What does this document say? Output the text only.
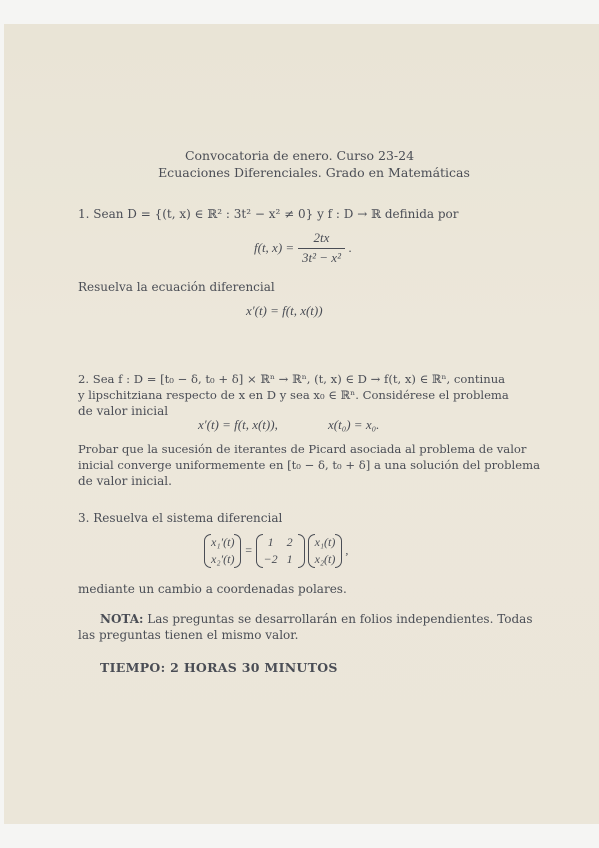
Convocatoria de enero. Curso 23-24
Ecuaciones Diferenciales. Grado en Matemáticas
1. Sean D = {(t, x) ∈ ℝ² : 3t² − x² ≠ 0} y f : D → ℝ definida por
f(t, $x) = \frac{2tx}{\text{3t² − x²}}$ .
Resuelva la ecuación diferencial
x′(t) = f(t, x(t))
2. Sea f : D = [t₀ − δ, t₀ + δ] × ℝⁿ → ℝⁿ, (t, x) ∈ D → f(t, x) ∈ ℝⁿ, continua
y lipschitziana respecto de x en D y sea x₀ ∈ ℝⁿ. Considérese el problema
de valor inicial
x′(t) = f(t, x(t)),	x(t₀) = x₀.
Probar que la sucesión de iterantes de Picard asociada al problema de valor
inicial converge uniformemente en [t₀ − δ, t₀ + δ] a una solución del problema
de valor inicial.
3. Resuelva el sistema diferencial
x₁′(t)
x₂′(t)
=
1 2
−2 1

x₁(t)
x₂(t)
,
mediante un cambio a coordenadas polares.
NOTA: Las preguntas se desarrollarán en folios independientes. Todas
las preguntas tienen el mismo valor.
TIEMPO: 2 HORAS 30 MINUTOS
